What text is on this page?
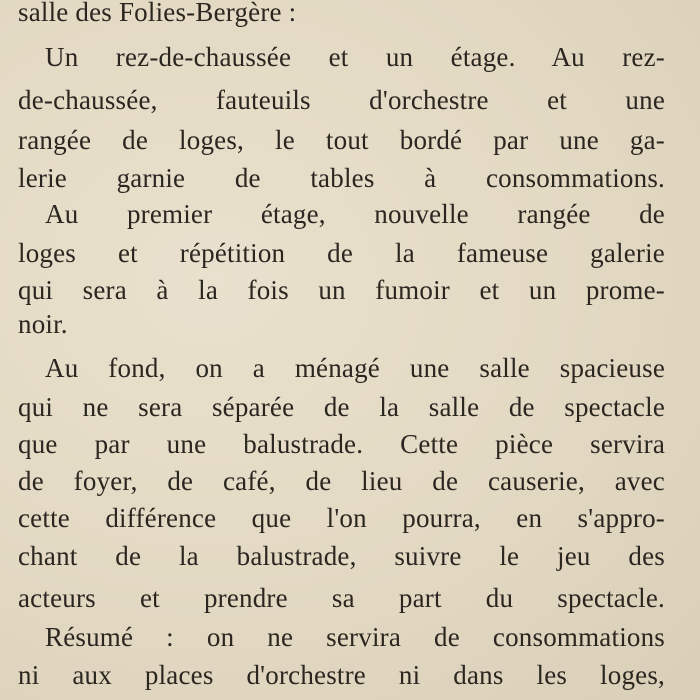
salle des Folies-Bergère :
Un rez-de-chaussée et un étage. Au rez-
de-chaussée, fauteuils d'orchestre et une
rangée de loges, le tout bordé par une ga-
lerie garnie de tables à consommations.
Au premier étage, nouvelle rangée de
loges et répétition de la fameuse galerie
qui sera à la fois un fumoir et un prome-
noir.
Au fond, on a ménagé une salle spacieuse
qui ne sera séparée de la salle de spectacle
que par une balustrade. Cette pièce servira
de foyer, de café, de lieu de causerie, avec
cette différence que l'on pourra, en s'appro-
chant de la balustrade, suivre le jeu des
acteurs et prendre sa part du spectacle.
Résumé : on ne servira de consommations
ni aux places d'orchestre ni dans les loges,
